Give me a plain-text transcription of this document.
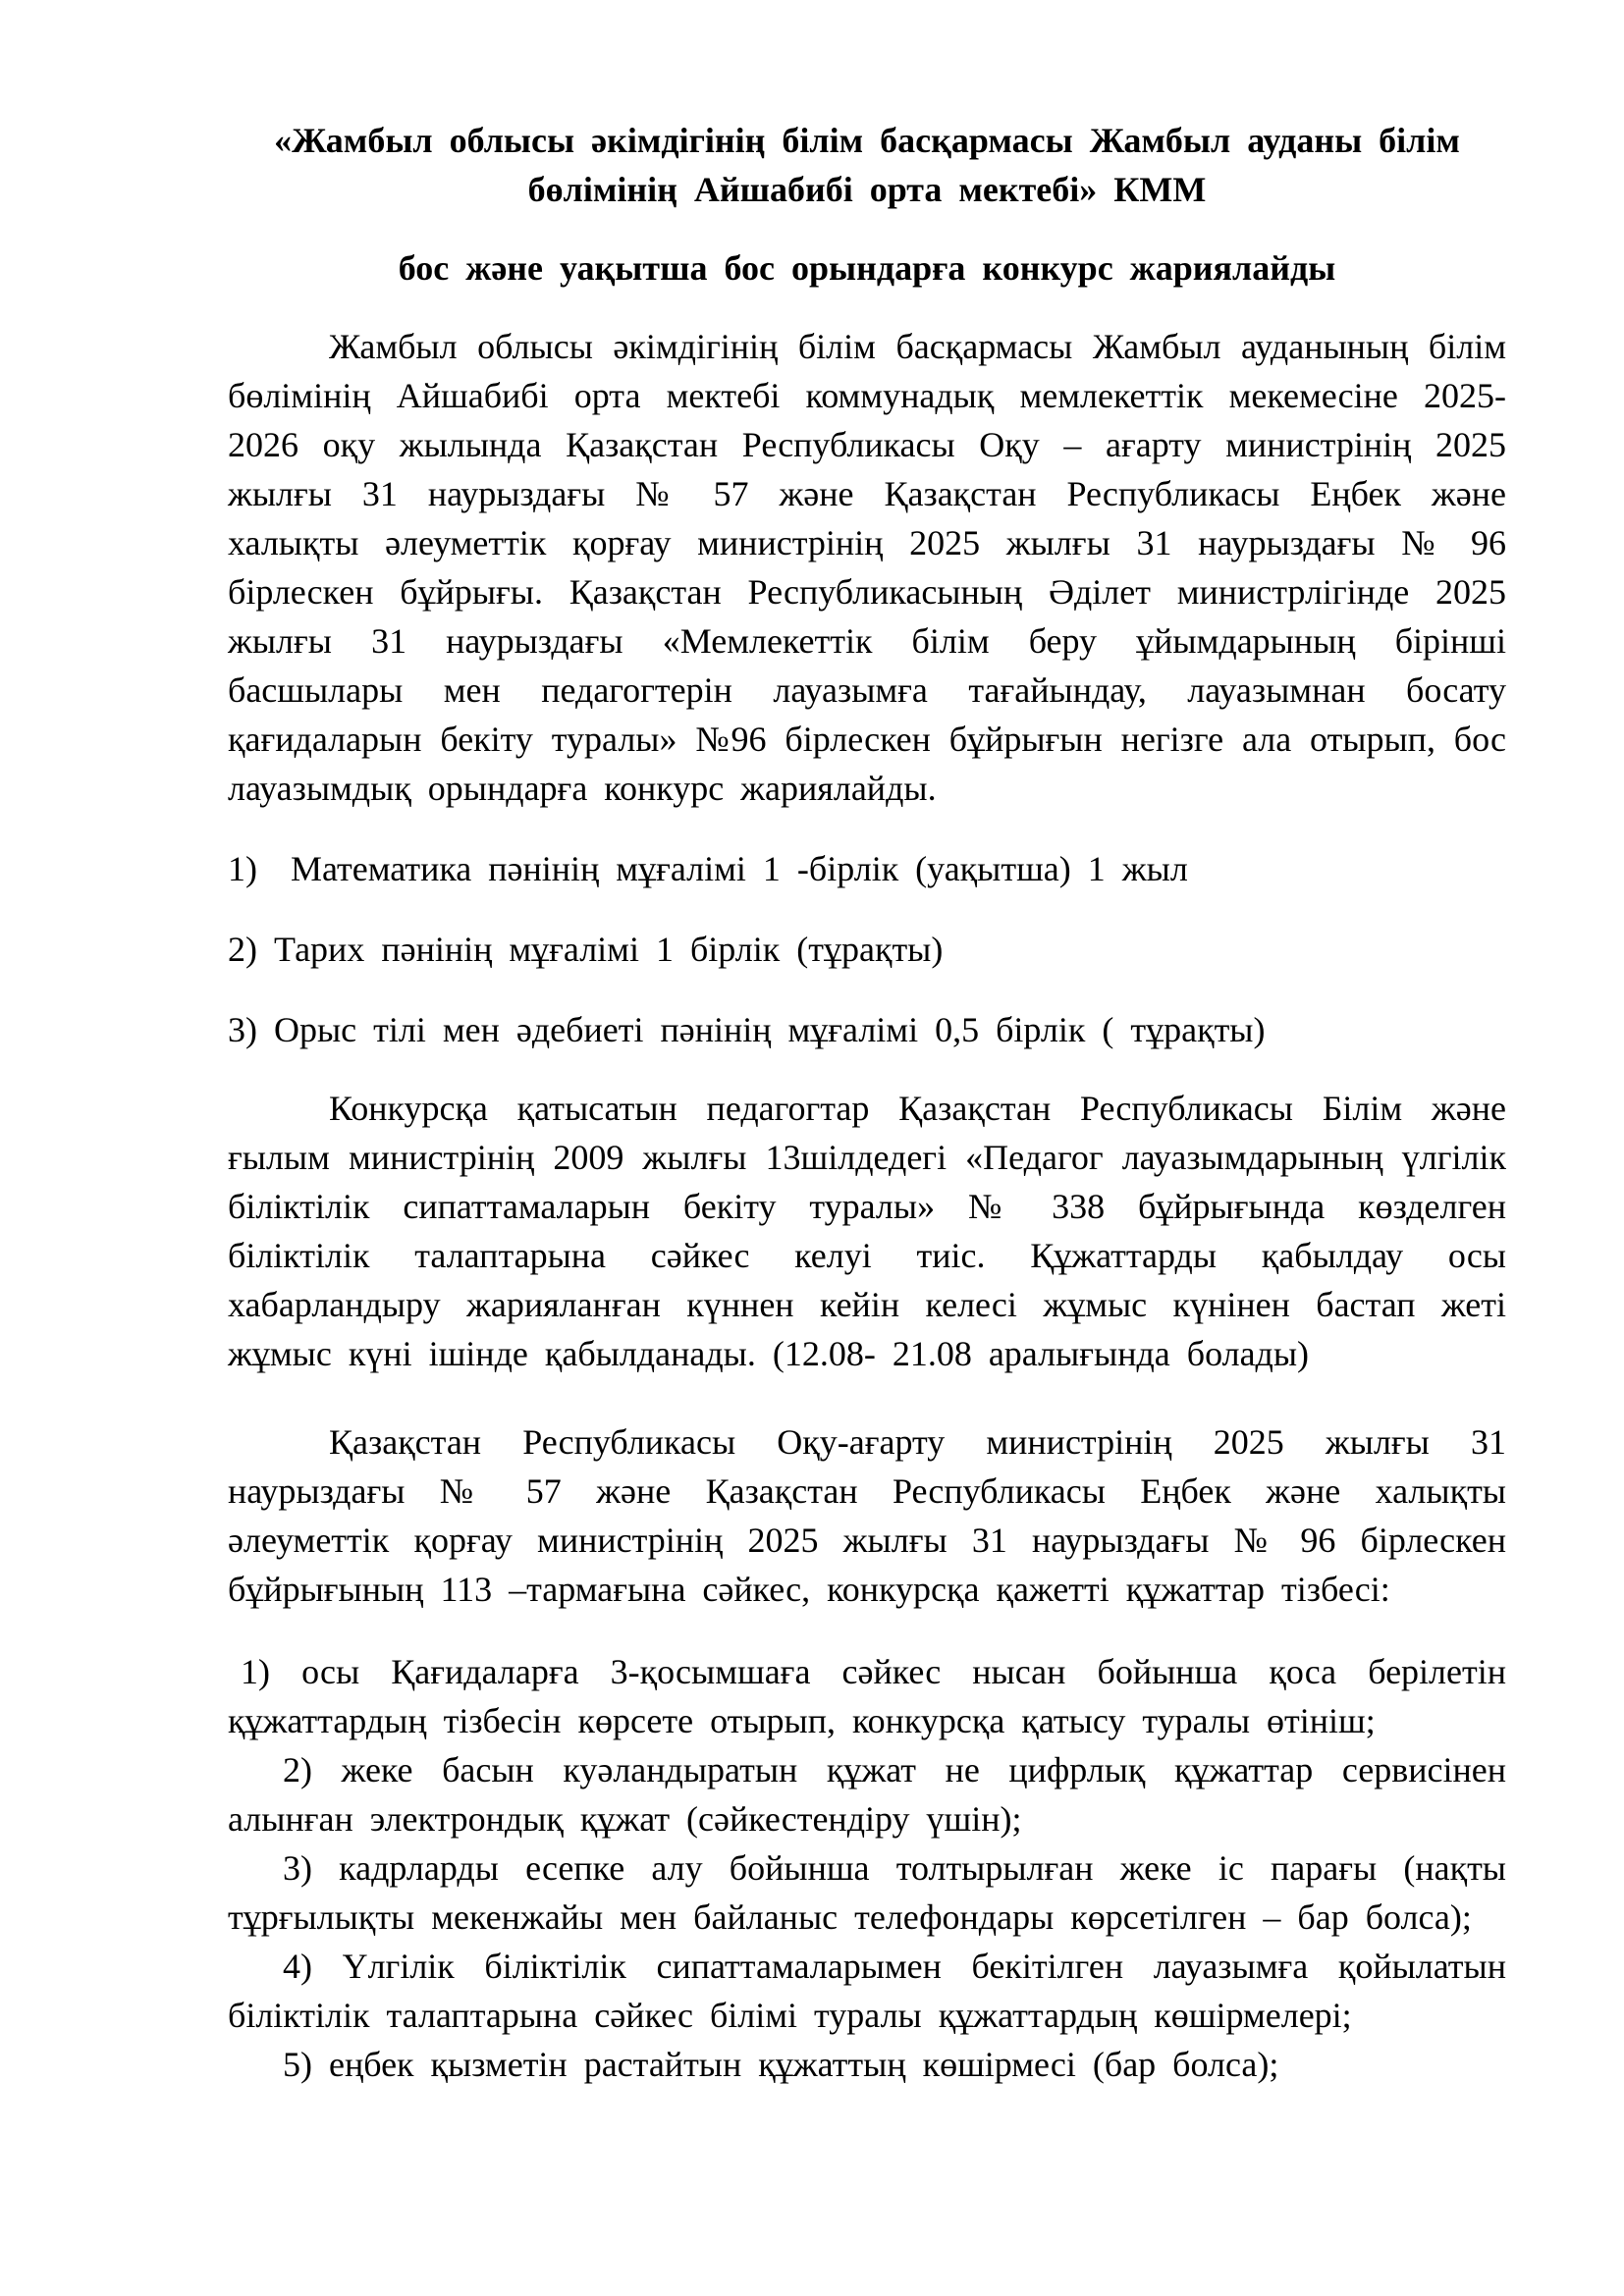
«Жамбыл облысы әкімдігінің білім басқармасы Жамбыл ауданы білім бөлімінің Айшабибі орта мектебі» КММ
бос және уақытша бос орындарға конкурс жариялайды

Жамбыл облысы әкімдігінің білім басқармасы Жамбыл ауданының білім бөлімінің Айшабибі орта мектебі коммунадық мемлекеттік мекемесіне 2025-2026 оқу жылында Қазақстан Республикасы Оқу – ағарту министрінің 2025 жылғы 31 наурыздағы № 57 және Қазақстан Республикасы Еңбек және халықты әлеуметтік қорғау министрінің 2025 жылғы 31 наурыздағы № 96 бірлескен бұйрығы. Қазақстан Республикасының Әділет министрлігінде 2025 жылғы 31 наурыздағы «Мемлекеттік білім беру ұйымдарының бірінші басшылары мен педагогтерін лауазымға тағайындау, лауазымнан босату қағидаларын бекіту туралы» №96 бірлескен бұйрығын негізге ала отырып, бос лауазымдық орындарға конкурс жариялайды.

1)  Математика пәнінің мұғалімі 1 -бірлік (уақытша) 1 жыл

2) Тарих пәнінің мұғалімі 1 бірлік (тұрақты)

3) Орыс тілі мен әдебиеті пәнінің мұғалімі 0,5 бірлік ( тұрақты)

Конкурсқа қатысатын педагогтар Қазақстан Республикасы Білім және ғылым министрінің 2009 жылғы 13шілдедегі «Педагог лауазымдарының үлгілік біліктілік сипаттамаларын бекіту туралы» № 338 бұйрығында көзделген біліктілік талаптарына сәйкес келуі тиіс. Құжаттарды қабылдау осы хабарландыру жарияланған күннен кейін келесі жұмыс күнінен бастап жеті жұмыс күні ішінде қабылданады. (12.08- 21.08 аралығында болады)

Қазақстан Республикасы Оқу-ағарту министрінің 2025 жылғы 31 наурыздағы № 57 және Қазақстан Республикасы Еңбек және халықты әлеуметтік қорғау министрінің 2025 жылғы 31 наурыздағы № 96 бірлескен бұйрығының 113 –тармағына сәйкес, конкурсқа қажетті құжаттар тізбесі:

1) осы Қағидаларға 3-қосымшаға сәйкес нысан бойынша қоса берілетін құжаттардың тізбесін көрсете отырып, конкурсқа қатысу туралы өтініш;

2) жеке басын куәландыратын құжат не цифрлық құжаттар сервисінен алынған электрондық құжат (сәйкестендіру үшін);

3) кадрларды есепке алу бойынша толтырылған жеке іс парағы (нақты тұрғылықты мекенжайы мен байланыс телефондары көрсетілген – бар болса);

4) Үлгілік біліктілік сипаттамаларымен бекітілген лауазымға қойылатын біліктілік талаптарына сәйкес білімі туралы құжаттардың көшірмелері;

5) еңбек қызметін растайтын құжаттың көшірмесі (бар болса);
